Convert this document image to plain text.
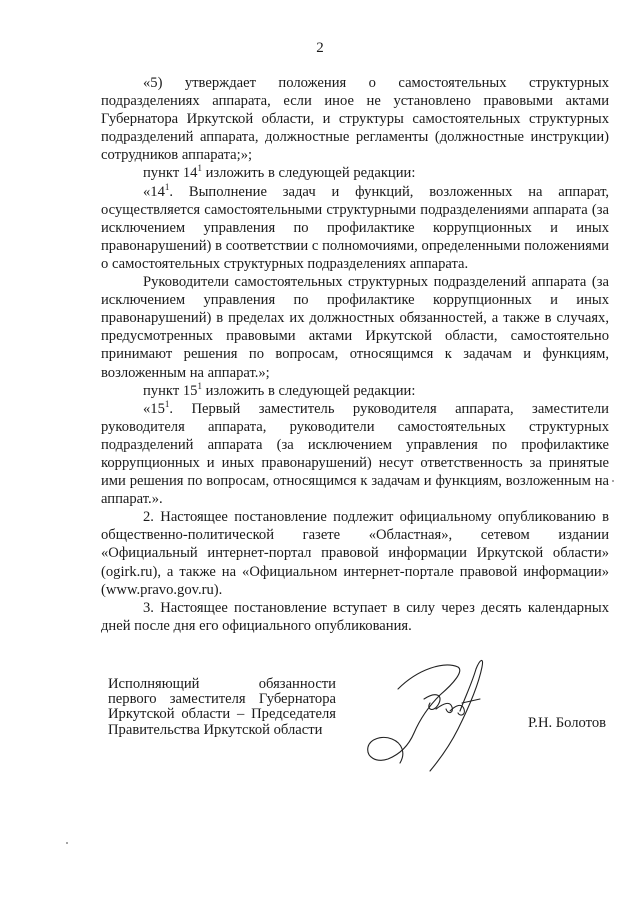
2

«5) утверждает положения о самостоятельных структурных подразделениях аппарата, если иное не установлено правовыми актами Губернатора Иркутской области, и структуры самостоятельных структурных подразделений аппарата, должностные регламенты (должностные инструкции) сотрудников аппарата;»;

пункт $14^1$ изложить в следующей редакции:

«$14^1$. Выполнение задач и функций, возложенных на аппарат, осуществляется самостоятельными структурными подразделениями аппарата (за исключением управления по профилактике коррупционных и иных правонарушений) в соответствии с полномочиями, определенными положениями о самостоятельных структурных подразделениях аппарата.

Руководители самостоятельных структурных подразделений аппарата (за исключением управления по профилактике коррупционных и иных правонарушений) в пределах их должностных обязанностей, а также в случаях, предусмотренных правовыми актами Иркутской области, самостоятельно принимают решения по вопросам, относящимся к задачам и функциям, возложенным на аппарат.»;

пункт $15^1$ изложить в следующей редакции:

«$15^1$. Первый заместитель руководителя аппарата, заместители руководителя аппарата, руководители самостоятельных структурных подразделений аппарата (за исключением управления по профилактике коррупционных и иных правонарушений) несут ответственность за принятые ими решения по вопросам, относящимся к задачам и функциям, возложенным на аппарат.».

2. Настоящее постановление подлежит официальному опубликованию в общественно-политической газете «Областная», сетевом издании «Официальный интернет-портал правовой информации Иркутской области» (ogirk.ru), а также на «Официальном интернет-портале правовой информации» (www.pravo.gov.ru).

3. Настоящее постановление вступает в силу через десять календарных дней после дня его официального опубликования.

Исполняющий обязанности
первого заместителя Губернатора
Иркутской области – Председателя
Правительства Иркутской области	Р.Н. Болотов
